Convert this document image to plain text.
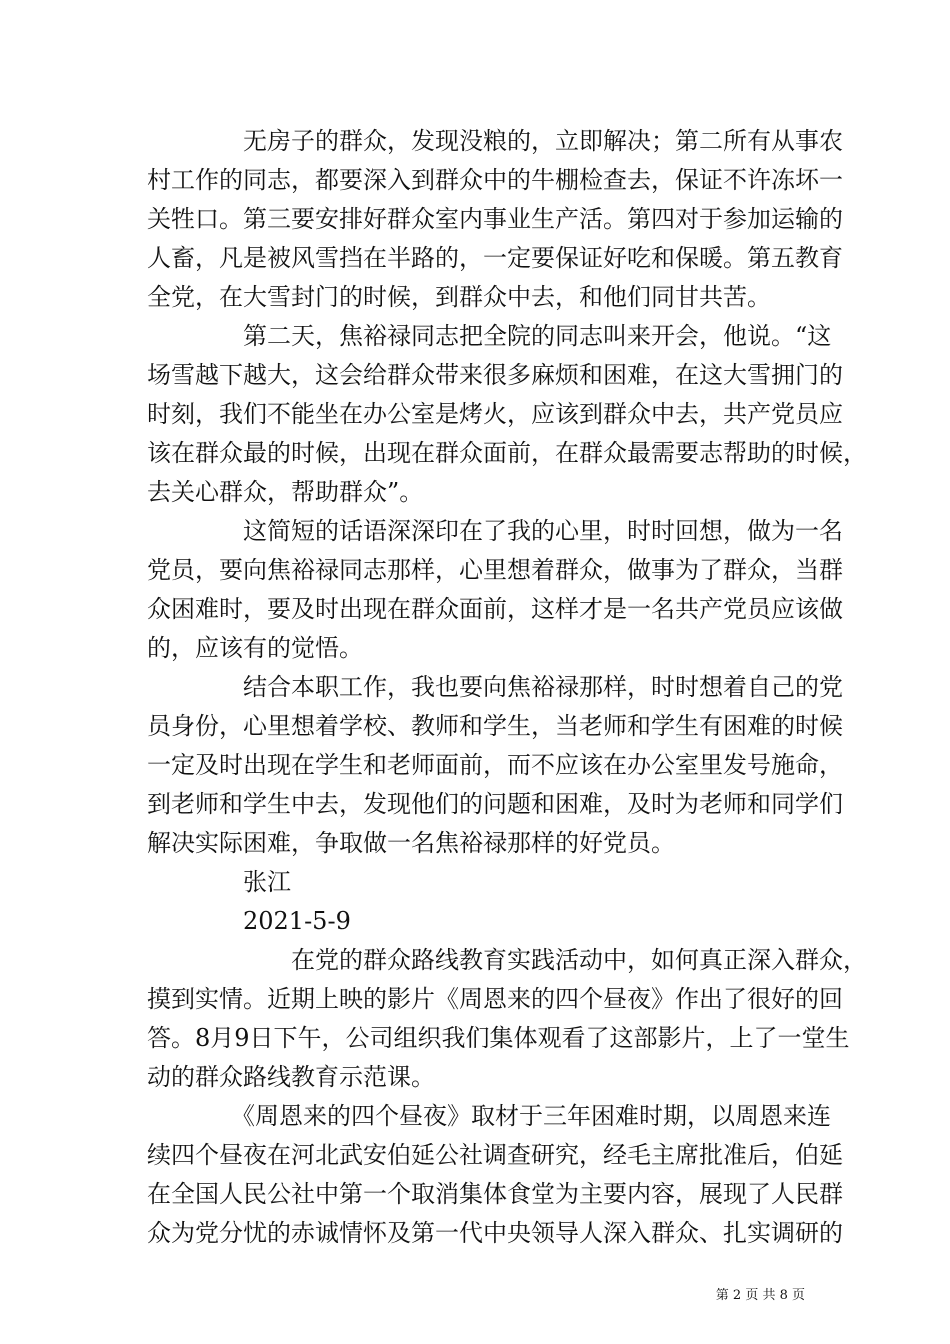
　　　　无房子的群众，发现没粮的，立即解决；第二所有从事农
村工作的同志，都要深入到群众中的牛棚检查去，保证不许冻坏一
关牲口。第三要安排好群众室内事业生产活。第四对于参加运输的
人畜，凡是被风雪挡在半路的，一定要保证好吃和保暖。第五教育
全党，在大雪封门的时候，到群众中去，和他们同甘共苦。
　　　　第二天，焦裕禄同志把全院的同志叫来开会，他说。“这
场雪越下越大，这会给群众带来很多麻烦和困难，在这大雪拥门的
时刻，我们不能坐在办公室是烤火，应该到群众中去，共产党员应
该在群众最的时候，出现在群众面前，在群众最需要志帮助的时候，
去关心群众，帮助群众”。
　　　　这简短的话语深深印在了我的心里，时时回想，做为一名
党员，要向焦裕禄同志那样，心里想着群众，做事为了群众，当群
众困难时，要及时出现在群众面前，这样才是一名共产党员应该做
的，应该有的觉悟。
　　　　结合本职工作，我也要向焦裕禄那样，时时想着自己的党
员身份，心里想着学校、教师和学生，当老师和学生有困难的时候
一定及时出现在学生和老师面前，而不应该在办公室里发号施命，
到老师和学生中去，发现他们的问题和困难，及时为老师和同学们
解决实际困难，争取做一名焦裕禄那样的好党员。
　　　　张江
　　　　2021-5-9
　　　　　　在党的群众路线教育实践活动中，如何真正深入群众，
摸到实情。近期上映的影片《周恩来的四个昼夜》作出了很好的回
答。8月9日下午，公司组织我们集体观看了这部影片，上了一堂生
动的群众路线教育示范课。
　　　　《周恩来的四个昼夜》取材于三年困难时期，以周恩来连
续四个昼夜在河北武安伯延公社调查研究，经毛主席批准后，伯延
在全国人民公社中第一个取消集体食堂为主要内容，展现了人民群
众为党分忧的赤诚情怀及第一代中央领导人深入群众、扎实调研的
第 2 页 共 8 页
